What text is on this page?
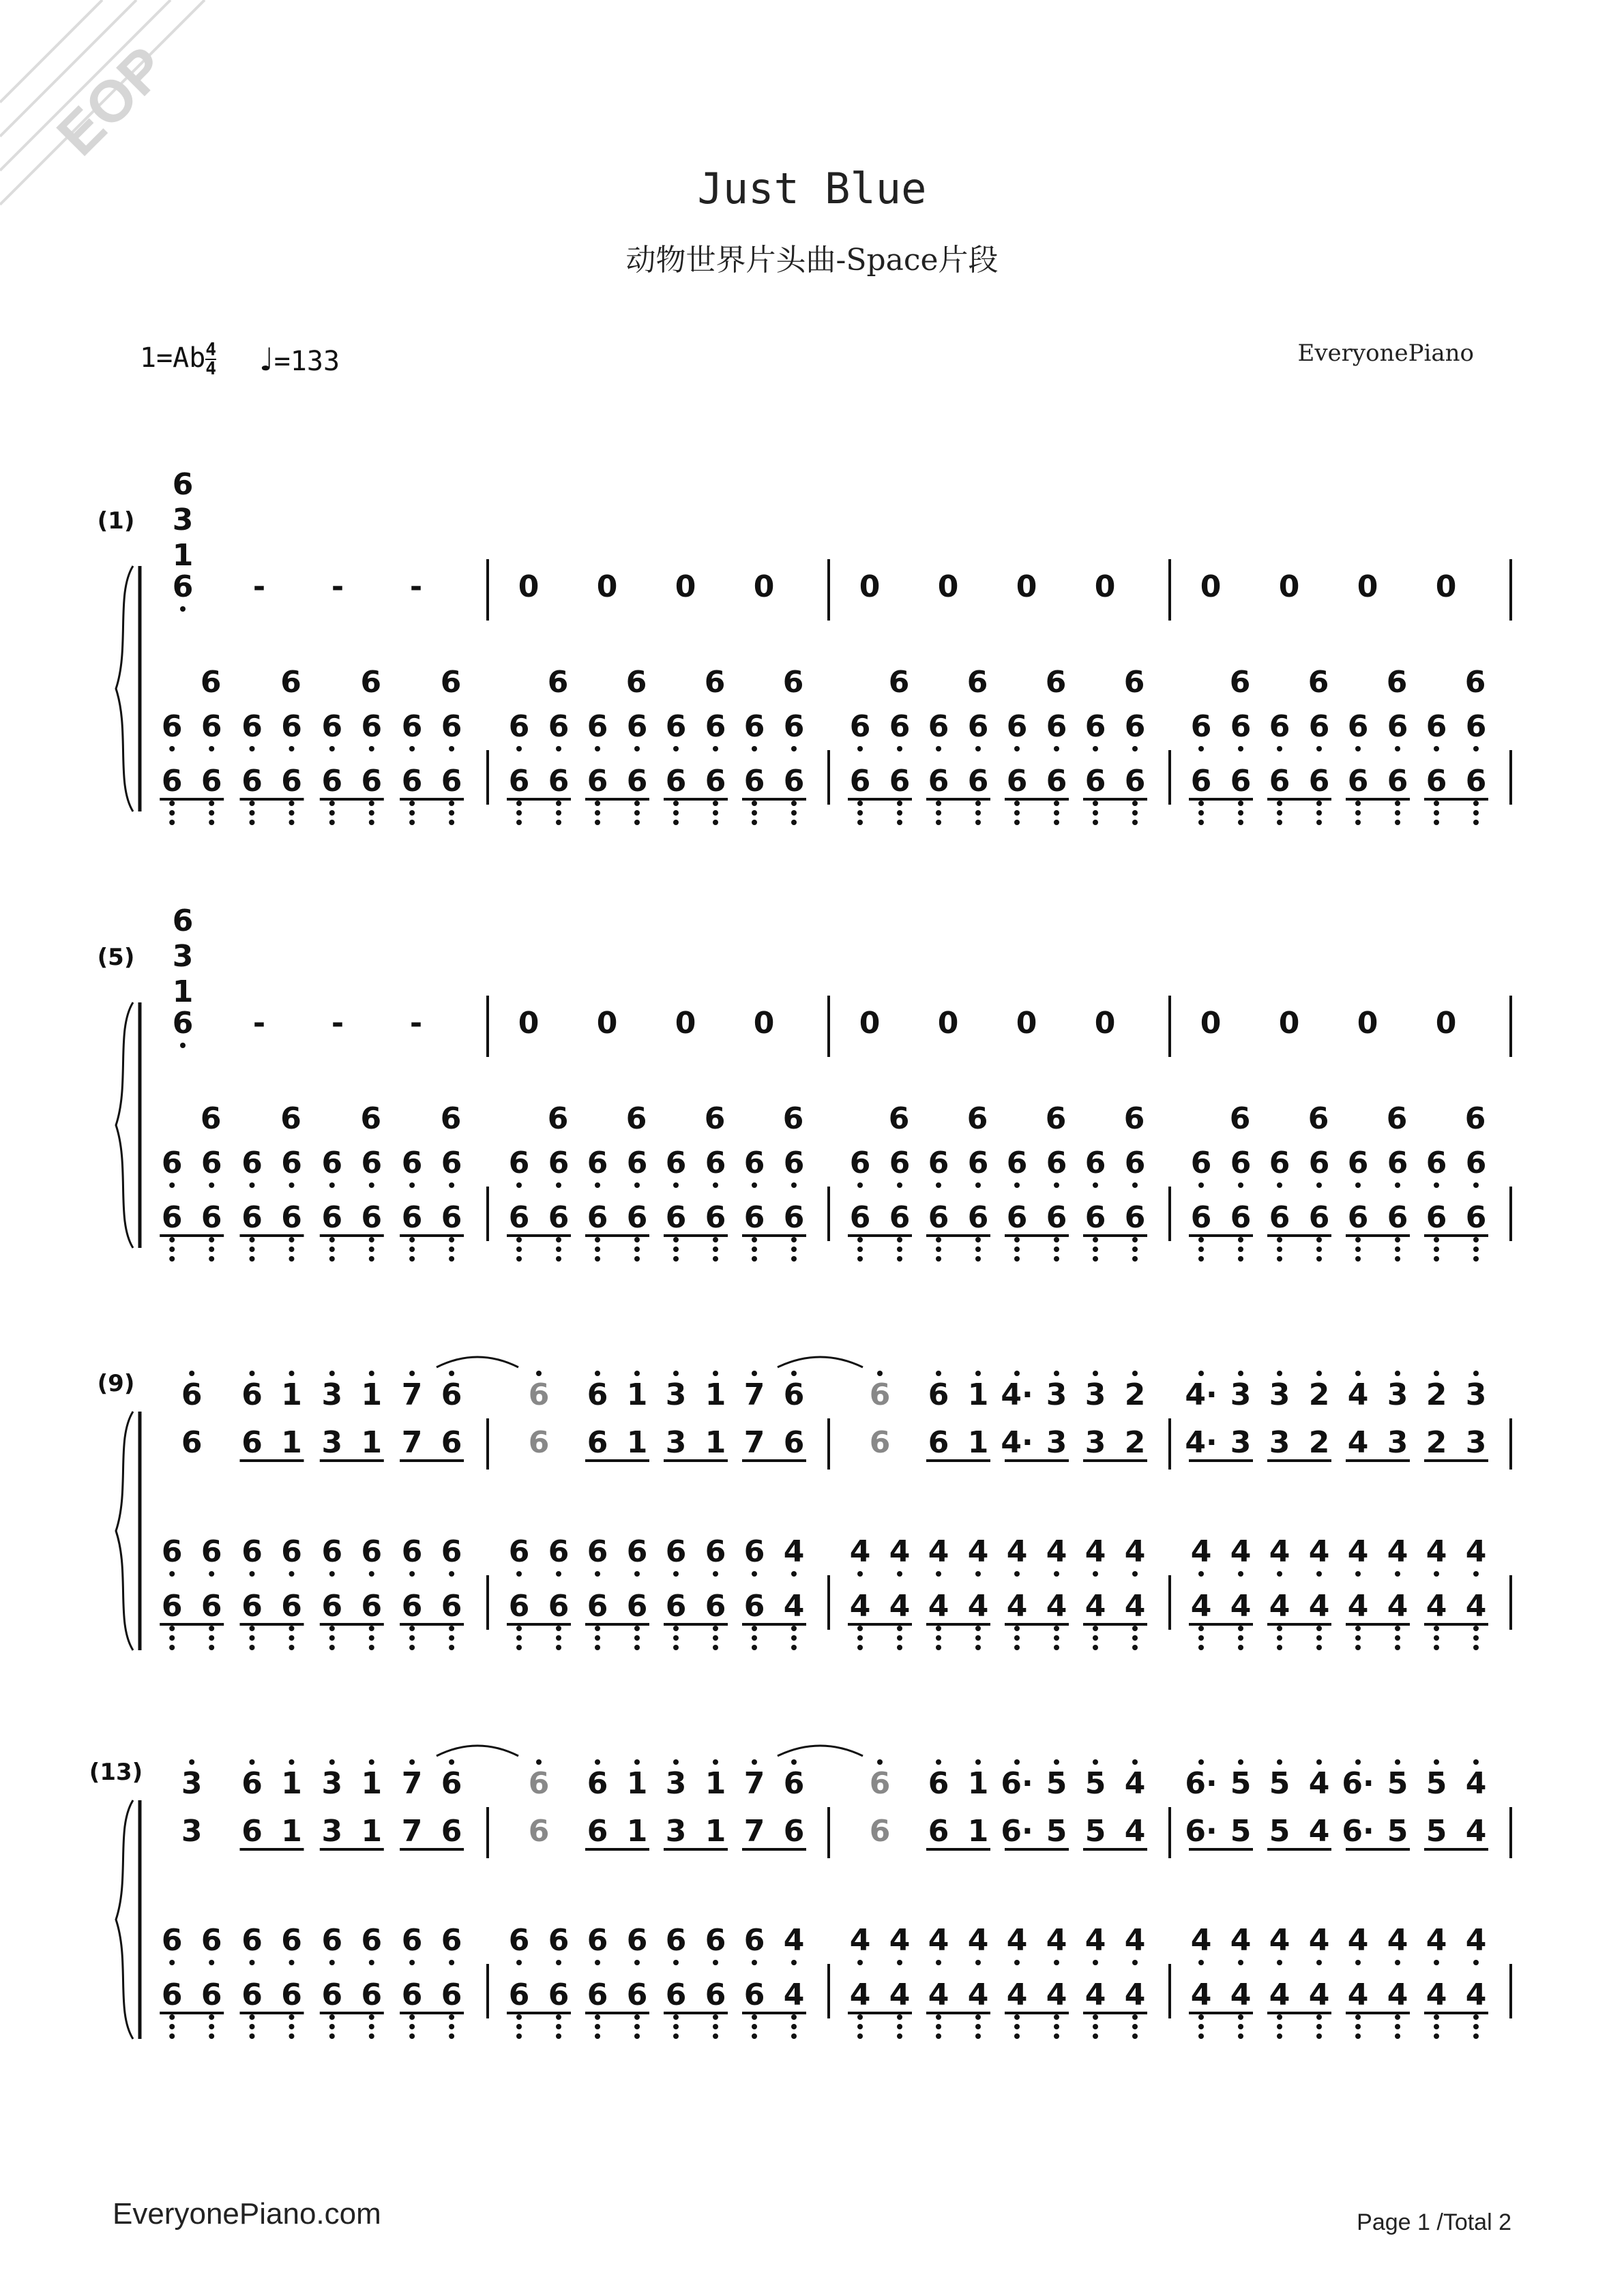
EOP
Just Blue
动物世界片头曲-Space片段
$1=Ab \frac{4}{4}$ ♩=133	EveryonePiano
(1)
6
3
1
6 - - -	0 0 0 0	0 0 0 0	0 0 0 0
6
6 6
6 6
6
6 6
6 6
6
6 6
6 6
6
6 6
6 6
6
6 6
6 6
6
6 6
6 6
6
6 6
6 6
6
6 6
6 6
6
6 6
6 6
6
6 6
6 6
6
6 6
6 6
6
6 6
6 6
6
6 6
6 6
6
6 6
6 6
6
6 6
6 6
6
6 6
6 6
(5)
6
3
1
6 - - -	0 0 0 0	0 0 0 0	0 0 0 0
6
6 6
6 6
6
6 6
6 6
6
6 6
6 6
6
6 6
6 6
6
6 6
6 6
6
6 6
6 6
6
6 6
6 6
6
6 6
6 6
6
6 6
6 6
6
6 6
6 6
6
6 6
6 6
6
6 6
6 6
6
6 6
6 6
6
6 6
6 6
6
6 6
6 6
6
6 6
6 6
(9) 6
6
6 6
6 6
6 1
6 1
6 6
6 6
3 1
3 1
6 6
6 6
7 6
7 6
6 6
6 6
6
6
6 6
6 6
6 1
6 1
6 6
6 6
3 1
3 1
6 6
6 6
7 6
7 6
6 4
6 4
6
6
4 4
4 4
6 1
6 1
4 4
4 4
4· 3
4· 3
4 4
4 4
3 2
3 2
4 4
4 4
4· 3
4· 3
4 4
4 4
3 2
3 2
4 4
4 4
4 3
4 3
4 4
4 4
2 3
2 3
4 4
4 4
(13) 3
3
6 6
6 6
6 1
6 1
6 6
6 6
3 1
3 1
6 6
6 6
7 6
7 6
6 6
6 6
6
6
6 6
6 6
6 1
6 1
6 6
6 6
3 1
3 1
6 6
6 6
7 6
7 6
6 4
6 4
6
6
4 4
4 4
6 1
6 1
4 4
4 4
6· 5
6· 5
4 4
4 4
5 4
5 4
4 4
4 4
6· 5
6· 5
4 4
4 4
5 4
5 4
4 4
4 4
6· 5
6· 5
4 4
4 4
5 4
5 4
4 4
4 4
EveryonePiano.com	Page 1 /Total 2
